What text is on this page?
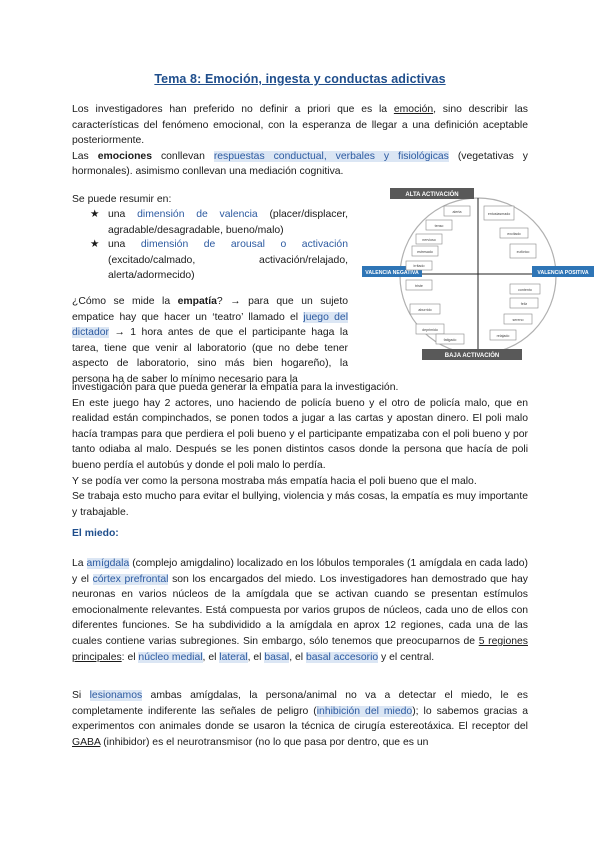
Tema 8: Emoción, ingesta y conductas adictivas

Los investigadores han preferido no definir a priori que es la emoción, sino describir las características del fenómeno emocional, con la esperanza de llegar a una definición aceptable posteriormente.

Las emociones conllevan respuestas conductual, verbales y fisiológicas (vegetativas y hormonales). asimismo conllevan una mediación cognitiva.

Se puede resumir en:
★ una dimensión de valencia (placer/displacer, agradable/desagradable, bueno/malo)
★ una dimensión de arousal o activación (excitado/calmado, activación/relajado, alerta/adormecido)
ALTA ACTIVACIÓN
BAJA ACTIVACIÓN
VALENCIA NEGATIVA	VALENCIA POSITIVA
alerta
tenso
nervioso
estresado
irritado
triste
entusiasmado
excitado
eufórico
contento
feliz
sereno
relajado
aburrido
deprimido
fatigado
¿Cómo se mide la empatía? → para que un sujeto empatice hay que hacer un ‘teatro’ llamado el juego del dictador → 1 hora antes de que el participante haga la tarea, tiene que venir al laboratorio (que no debe tener aspecto de laboratorio, sino más bien hogareño), la persona ha de saber lo mínimo necesario para la

investigación para que pueda generar la empatía para la investigación.

En este juego hay 2 actores, uno haciendo de policía bueno y el otro de policía malo, que en realidad están compinchados, se ponen todos a jugar a las cartas y apostan dinero. El poli malo hacía trampas para que perdiera el poli bueno y el participante empatizaba con el poli bueno y por tanto odiaba al malo. Después se les ponen distintos casos donde la persona que hacía de poli bueno perdía el autobús y donde el poli malo lo perdía.

Y se podía ver como la persona mostraba más empatía hacia el poli bueno que el malo.

Se trabaja esto mucho para evitar el bullying, violencia y más cosas, la empatía es muy importante y trabajable.

El miedo:
La amígdala (complejo amigdalino) localizado en los lóbulos temporales (1 amígdala en cada lado) y el córtex prefrontal son los encargados del miedo. Los investigadores han demostrado que hay neuronas en varios núcleos de la amígdala que se activan cuando se presentan estímulos emocionalmente relevantes. Está compuesta por varios grupos de núcleos, cada uno de ellos con diferentes funciones. Se ha subdividido a la amígdala en aprox 12 regiones, cada una de las cuales contiene varias subregiones. Sin embargo, sólo tenemos que preocuparnos de 5 regiones principales: el núcleo medial, el lateral, el basal, el basal accesorio y el central.
Si lesionamos ambas amígdalas, la persona/animal no va a detectar el miedo, le es completamente indiferente las señales de peligro (inhibición del miedo); lo sabemos gracias a experimentos con animales donde se usaron la técnica de cirugía estereotáxica. El receptor del GABA (inhibidor) es el neurotransmisor (no lo que pasa por dentro, que es un
